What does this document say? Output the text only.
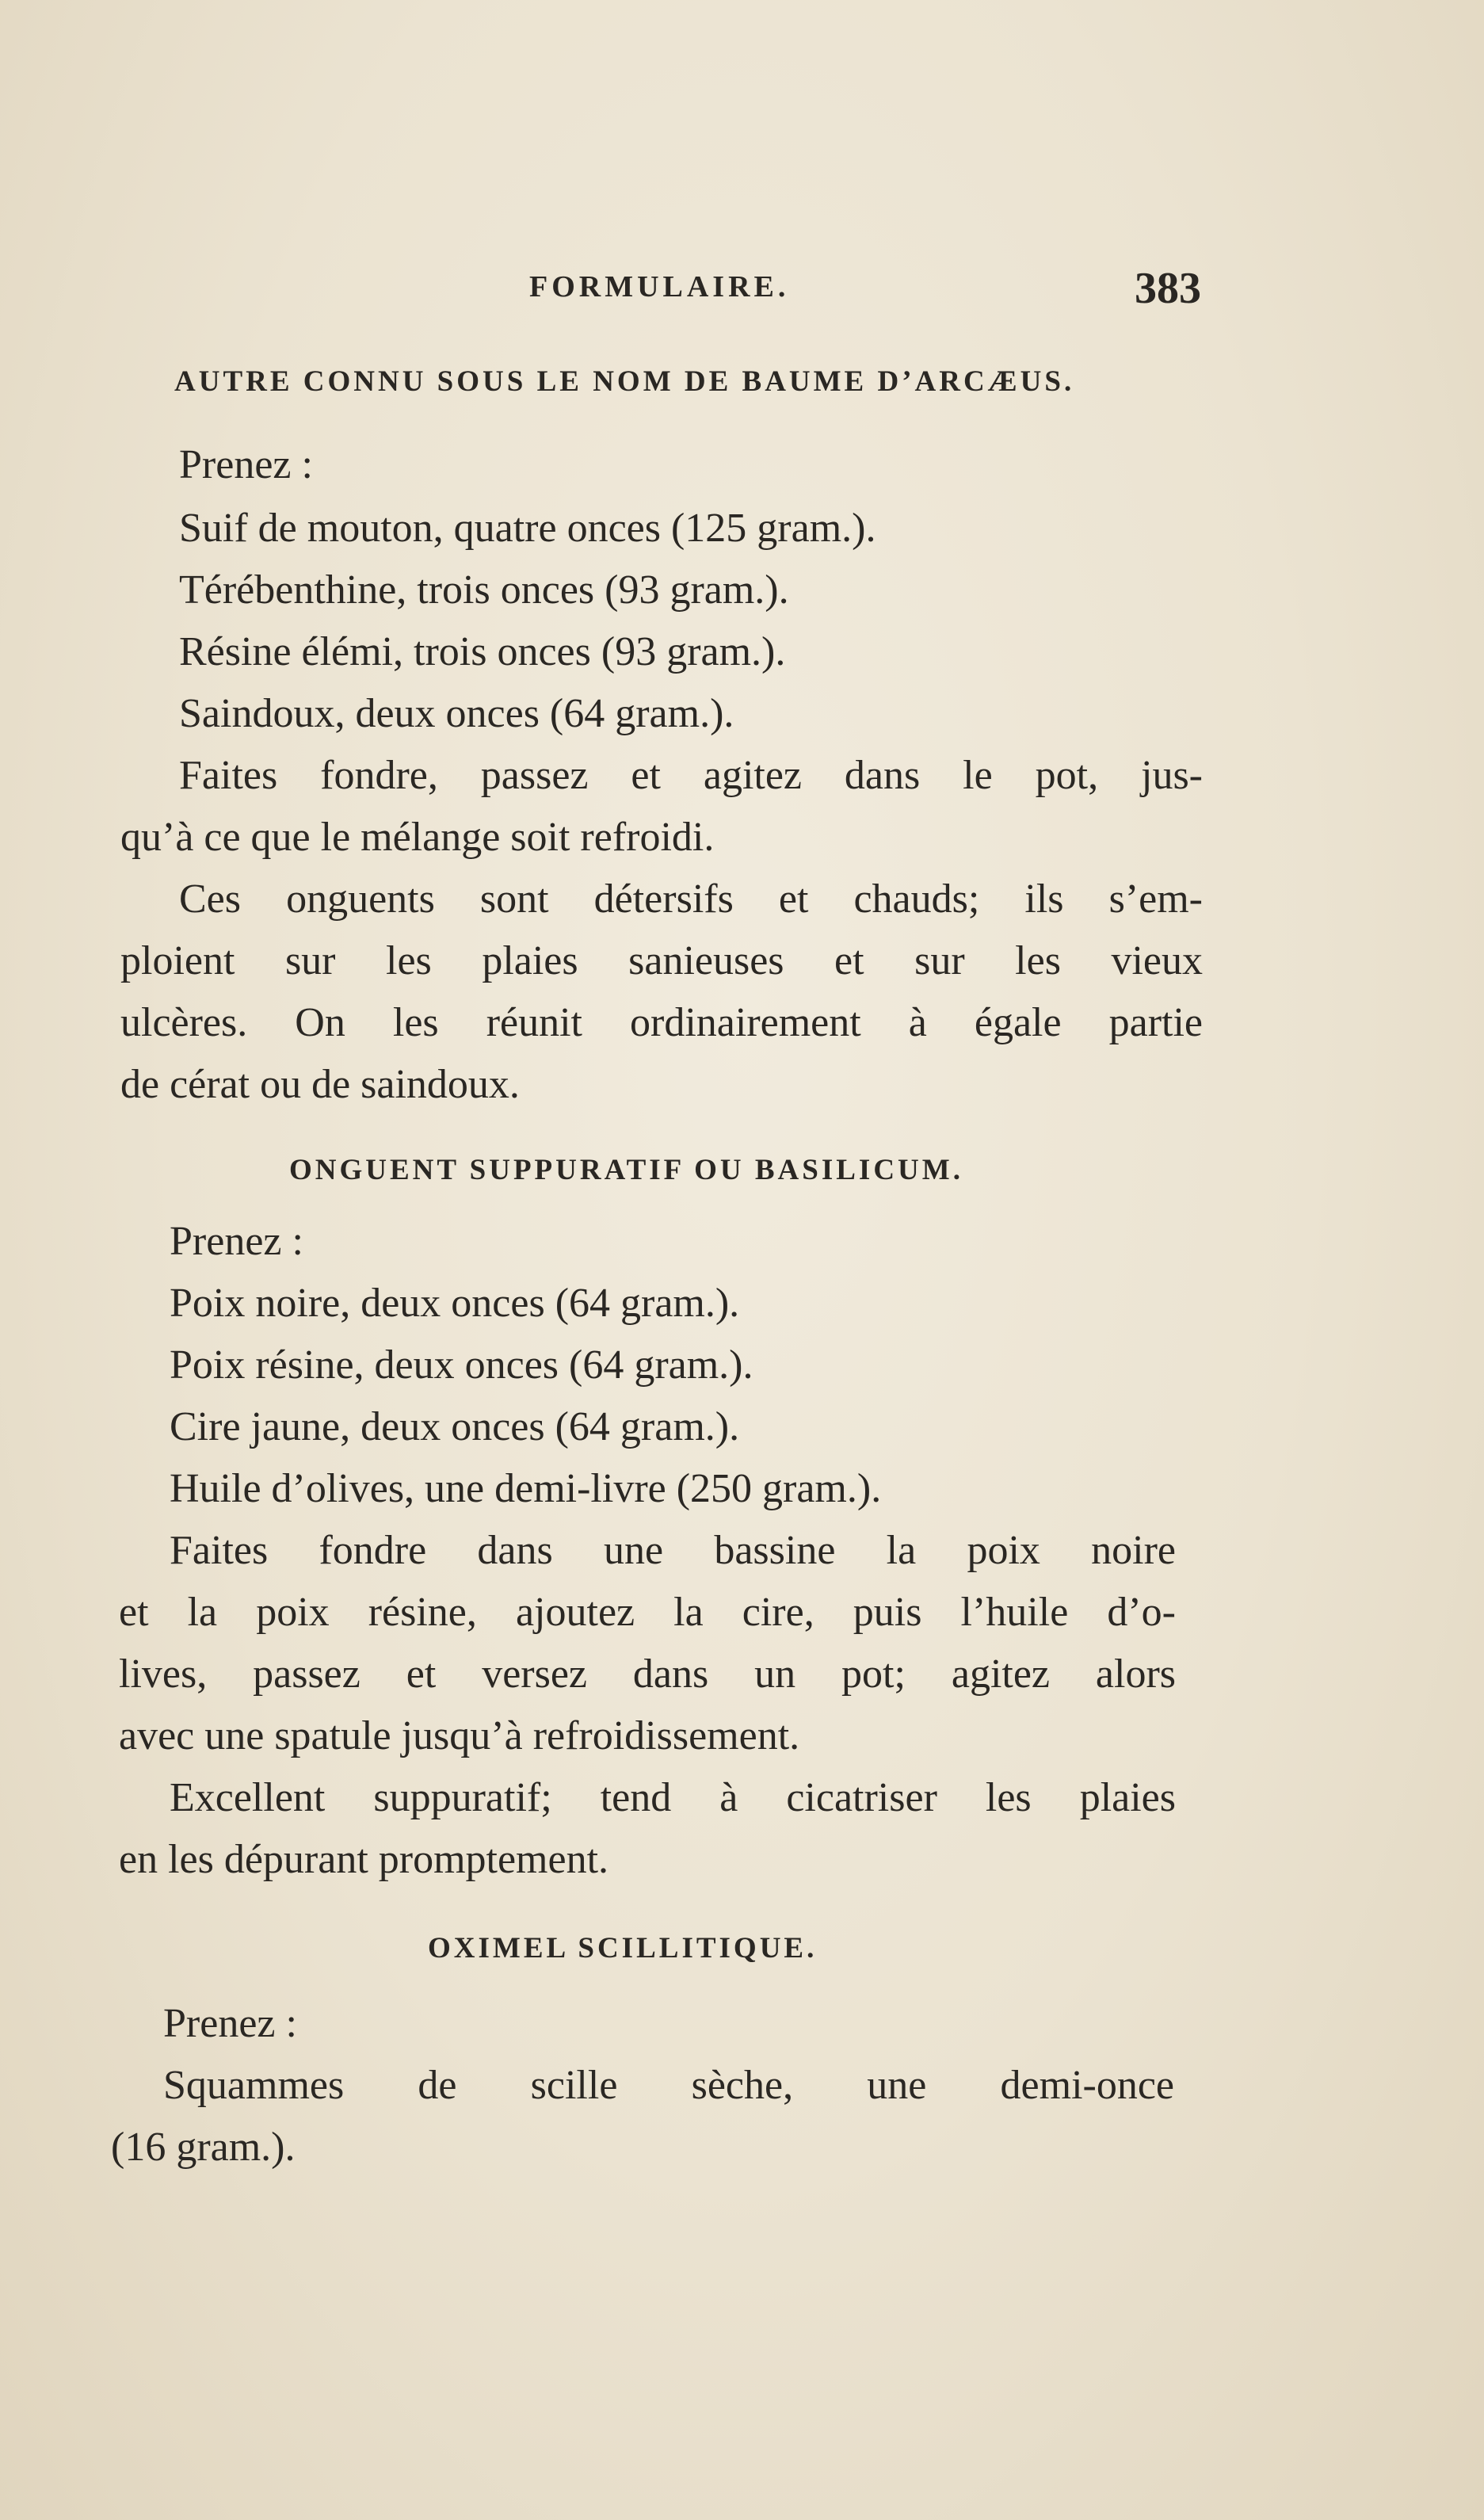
FORMULAIRE.	383
AUTRE CONNU SOUS LE NOM DE BAUME D’ARCÆUS.
Prenez :
Suif de mouton, quatre onces (125 gram.).
Térébenthine, trois onces (93 gram.).
Résine élémi, trois onces (93 gram.).
Saindoux, deux onces (64 gram.).
Faites fondre, passez et agitez dans le pot, jus-
qu’à ce que le mélange soit refroidi.
Ces onguents sont détersifs et chauds; ils s’em-
ploient sur les plaies sanieuses et sur les vieux
ulcères. On les réunit ordinairement à égale partie
de cérat ou de saindoux.
ONGUENT SUPPURATIF OU BASILICUM.
Prenez :
Poix noire, deux onces (64 gram.).
Poix résine, deux onces (64 gram.).
Cire jaune, deux onces (64 gram.).
Huile d’olives, une demi-livre (250 gram.).
Faites fondre dans une bassine la poix noire
et la poix résine, ajoutez la cire, puis l’huile d’o-
lives, passez et versez dans un pot; agitez alors
avec une spatule jusqu’à refroidissement.
Excellent suppuratif; tend à cicatriser les plaies
en les dépurant promptement.
OXIMEL SCILLITIQUE.
Prenez :
Squammes de scille sèche, une demi-once
(16 gram.).
